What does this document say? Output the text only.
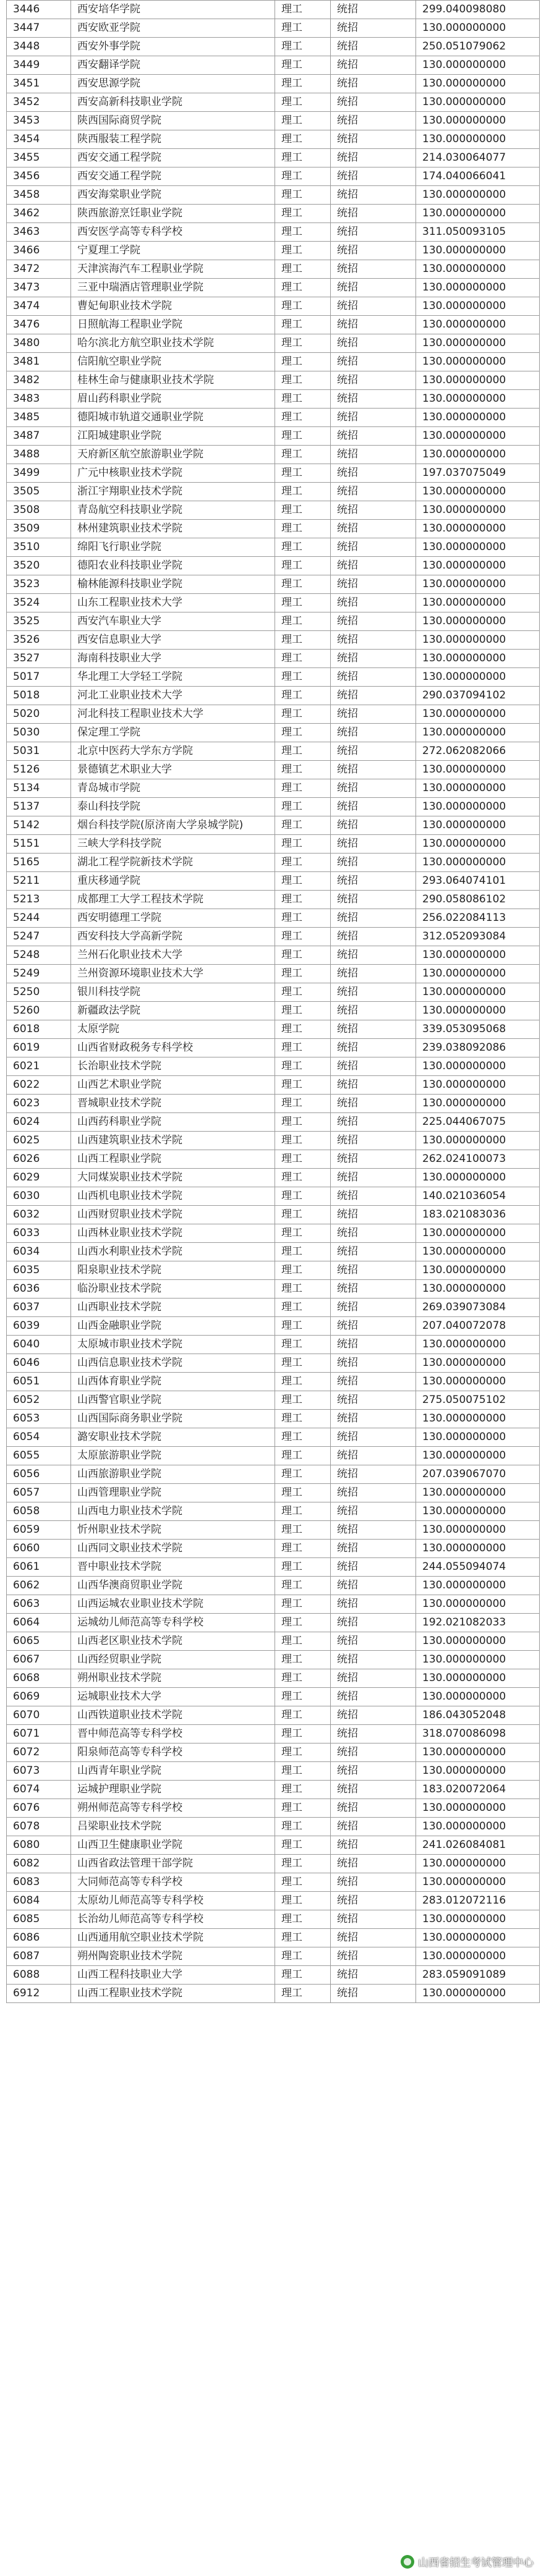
3446	西安培华学院	理工	统招	299.040098080
3447	西安欧亚学院	理工	统招	130.000000000
3448	西安外事学院	理工	统招	250.051079062
3449	西安翻译学院	理工	统招	130.000000000
3451	西安思源学院	理工	统招	130.000000000
3452	西安高新科技职业学院	理工	统招	130.000000000
3453	陕西国际商贸学院	理工	统招	130.000000000
3454	陕西服装工程学院	理工	统招	130.000000000
3455	西安交通工程学院	理工	统招	214.030064077
3456	西安交通工程学院	理工	统招	174.040066041
3458	西安海棠职业学院	理工	统招	130.000000000
3462	陕西旅游烹饪职业学院	理工	统招	130.000000000
3463	西安医学高等专科学校	理工	统招	311.050093105
3466	宁夏理工学院	理工	统招	130.000000000
3472	天津滨海汽车工程职业学院	理工	统招	130.000000000
3473	三亚中瑞酒店管理职业学院	理工	统招	130.000000000
3474	曹妃甸职业技术学院	理工	统招	130.000000000
3476	日照航海工程职业学院	理工	统招	130.000000000
3480	哈尔滨北方航空职业技术学院	理工	统招	130.000000000
3481	信阳航空职业学院	理工	统招	130.000000000
3482	桂林生命与健康职业技术学院	理工	统招	130.000000000
3483	眉山药科职业学院	理工	统招	130.000000000
3485	德阳城市轨道交通职业学院	理工	统招	130.000000000
3487	江阳城建职业学院	理工	统招	130.000000000
3488	天府新区航空旅游职业学院	理工	统招	130.000000000
3499	广元中核职业技术学院	理工	统招	197.037075049
3505	浙江宇翔职业技术学院	理工	统招	130.000000000
3508	青岛航空科技职业学院	理工	统招	130.000000000
3509	林州建筑职业技术学院	理工	统招	130.000000000
3510	绵阳飞行职业学院	理工	统招	130.000000000
3520	德阳农业科技职业学院	理工	统招	130.000000000
3523	榆林能源科技职业学院	理工	统招	130.000000000
3524	山东工程职业技术大学	理工	统招	130.000000000
3525	西安汽车职业大学	理工	统招	130.000000000
3526	西安信息职业大学	理工	统招	130.000000000
3527	海南科技职业大学	理工	统招	130.000000000
5017	华北理工大学轻工学院	理工	统招	130.000000000
5018	河北工业职业技术大学	理工	统招	290.037094102
5020	河北科技工程职业技术大学	理工	统招	130.000000000
5030	保定理工学院	理工	统招	130.000000000
5031	北京中医药大学东方学院	理工	统招	272.062082066
5126	景德镇艺术职业大学	理工	统招	130.000000000
5134	青岛城市学院	理工	统招	130.000000000
5137	泰山科技学院	理工	统招	130.000000000
5142	烟台科技学院(原济南大学泉城学院)	理工	统招	130.000000000
5151	三峡大学科技学院	理工	统招	130.000000000
5165	湖北工程学院新技术学院	理工	统招	130.000000000
5211	重庆移通学院	理工	统招	293.064074101
5213	成都理工大学工程技术学院	理工	统招	290.058086102
5244	西安明德理工学院	理工	统招	256.022084113
5247	西安科技大学高新学院	理工	统招	312.052093084
5248	兰州石化职业技术大学	理工	统招	130.000000000
5249	兰州资源环境职业技术大学	理工	统招	130.000000000
5250	银川科技学院	理工	统招	130.000000000
5260	新疆政法学院	理工	统招	130.000000000
6018	太原学院	理工	统招	339.053095068
6019	山西省财政税务专科学校	理工	统招	239.038092086
6021	长治职业技术学院	理工	统招	130.000000000
6022	山西艺术职业学院	理工	统招	130.000000000
6023	晋城职业技术学院	理工	统招	130.000000000
6024	山西药科职业学院	理工	统招	225.044067075
6025	山西建筑职业技术学院	理工	统招	130.000000000
6026	山西工程职业学院	理工	统招	262.024100073
6029	大同煤炭职业技术学院	理工	统招	130.000000000
6030	山西机电职业技术学院	理工	统招	140.021036054
6032	山西财贸职业技术学院	理工	统招	183.021083036
6033	山西林业职业技术学院	理工	统招	130.000000000
6034	山西水利职业技术学院	理工	统招	130.000000000
6035	阳泉职业技术学院	理工	统招	130.000000000
6036	临汾职业技术学院	理工	统招	130.000000000
6037	山西职业技术学院	理工	统招	269.039073084
6039	山西金融职业学院	理工	统招	207.040072078
6040	太原城市职业技术学院	理工	统招	130.000000000
6046	山西信息职业技术学院	理工	统招	130.000000000
6051	山西体育职业学院	理工	统招	130.000000000
6052	山西警官职业学院	理工	统招	275.050075102
6053	山西国际商务职业学院	理工	统招	130.000000000
6054	潞安职业技术学院	理工	统招	130.000000000
6055	太原旅游职业学院	理工	统招	130.000000000
6056	山西旅游职业学院	理工	统招	207.039067070
6057	山西管理职业学院	理工	统招	130.000000000
6058	山西电力职业技术学院	理工	统招	130.000000000
6059	忻州职业技术学院	理工	统招	130.000000000
6060	山西同文职业技术学院	理工	统招	130.000000000
6061	晋中职业技术学院	理工	统招	244.055094074
6062	山西华澳商贸职业学院	理工	统招	130.000000000
6063	山西运城农业职业技术学院	理工	统招	130.000000000
6064	运城幼儿师范高等专科学校	理工	统招	192.021082033
6065	山西老区职业技术学院	理工	统招	130.000000000
6067	山西经贸职业学院	理工	统招	130.000000000
6068	朔州职业技术学院	理工	统招	130.000000000
6069	运城职业技术大学	理工	统招	130.000000000
6070	山西铁道职业技术学院	理工	统招	186.043052048
6071	晋中师范高等专科学校	理工	统招	318.070086098
6072	阳泉师范高等专科学校	理工	统招	130.000000000
6073	山西青年职业学院	理工	统招	130.000000000
6074	运城护理职业学院	理工	统招	183.020072064
6076	朔州师范高等专科学校	理工	统招	130.000000000
6078	吕梁职业技术学院	理工	统招	130.000000000
6080	山西卫生健康职业学院	理工	统招	241.026084081
6082	山西省政法管理干部学院	理工	统招	130.000000000
6083	大同师范高等专科学校	理工	统招	130.000000000
6084	太原幼儿师范高等专科学校	理工	统招	283.012072116
6085	长治幼儿师范高等专科学校	理工	统招	130.000000000
6086	山西通用航空职业技术学院	理工	统招	130.000000000
6087	朔州陶瓷职业技术学院	理工	统招	130.000000000
6088	山西工程科技职业大学	理工	统招	283.059091089
6912	山西工程职业技术学院	理工	统招	130.000000000
山西省招生考试管理中心
